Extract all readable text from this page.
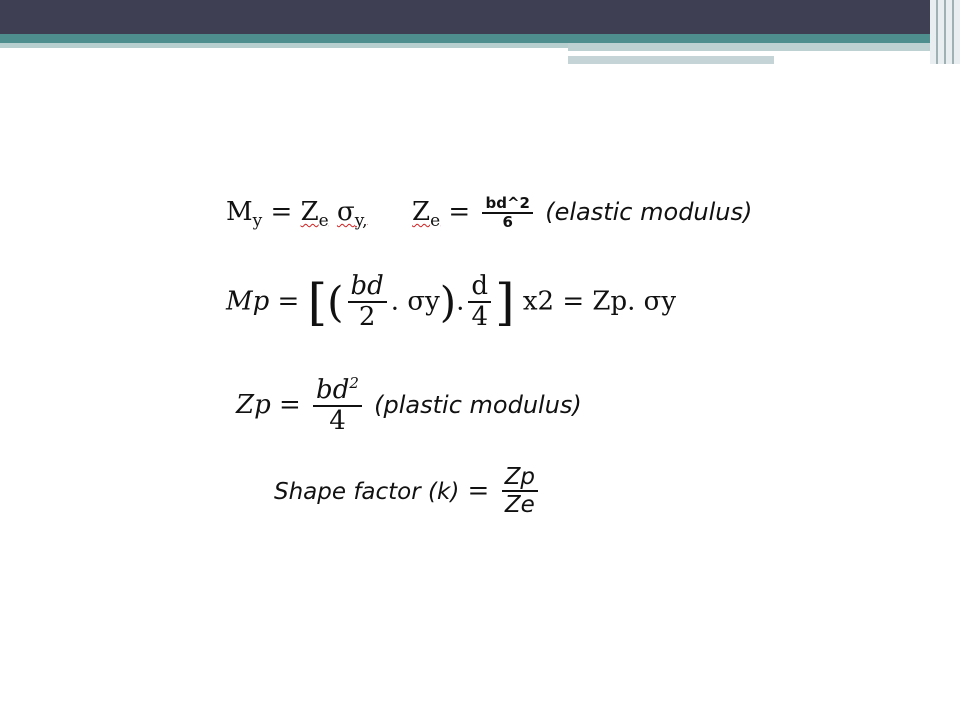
$M_y = Z_e$ $\sigma_{y,}$ $Z_e = \frac{bd\^{}2}{6}$ (elastic modulus)
Mp = [( $\frac{bd}{2}$ . σy). $\frac{d}{4}$ ] x2 = Zp. σy
$Zp = \frac{bd^2}{4}$ (plastic modulus)
Shape factor $(k) = \frac{Zp}{Ze}$
